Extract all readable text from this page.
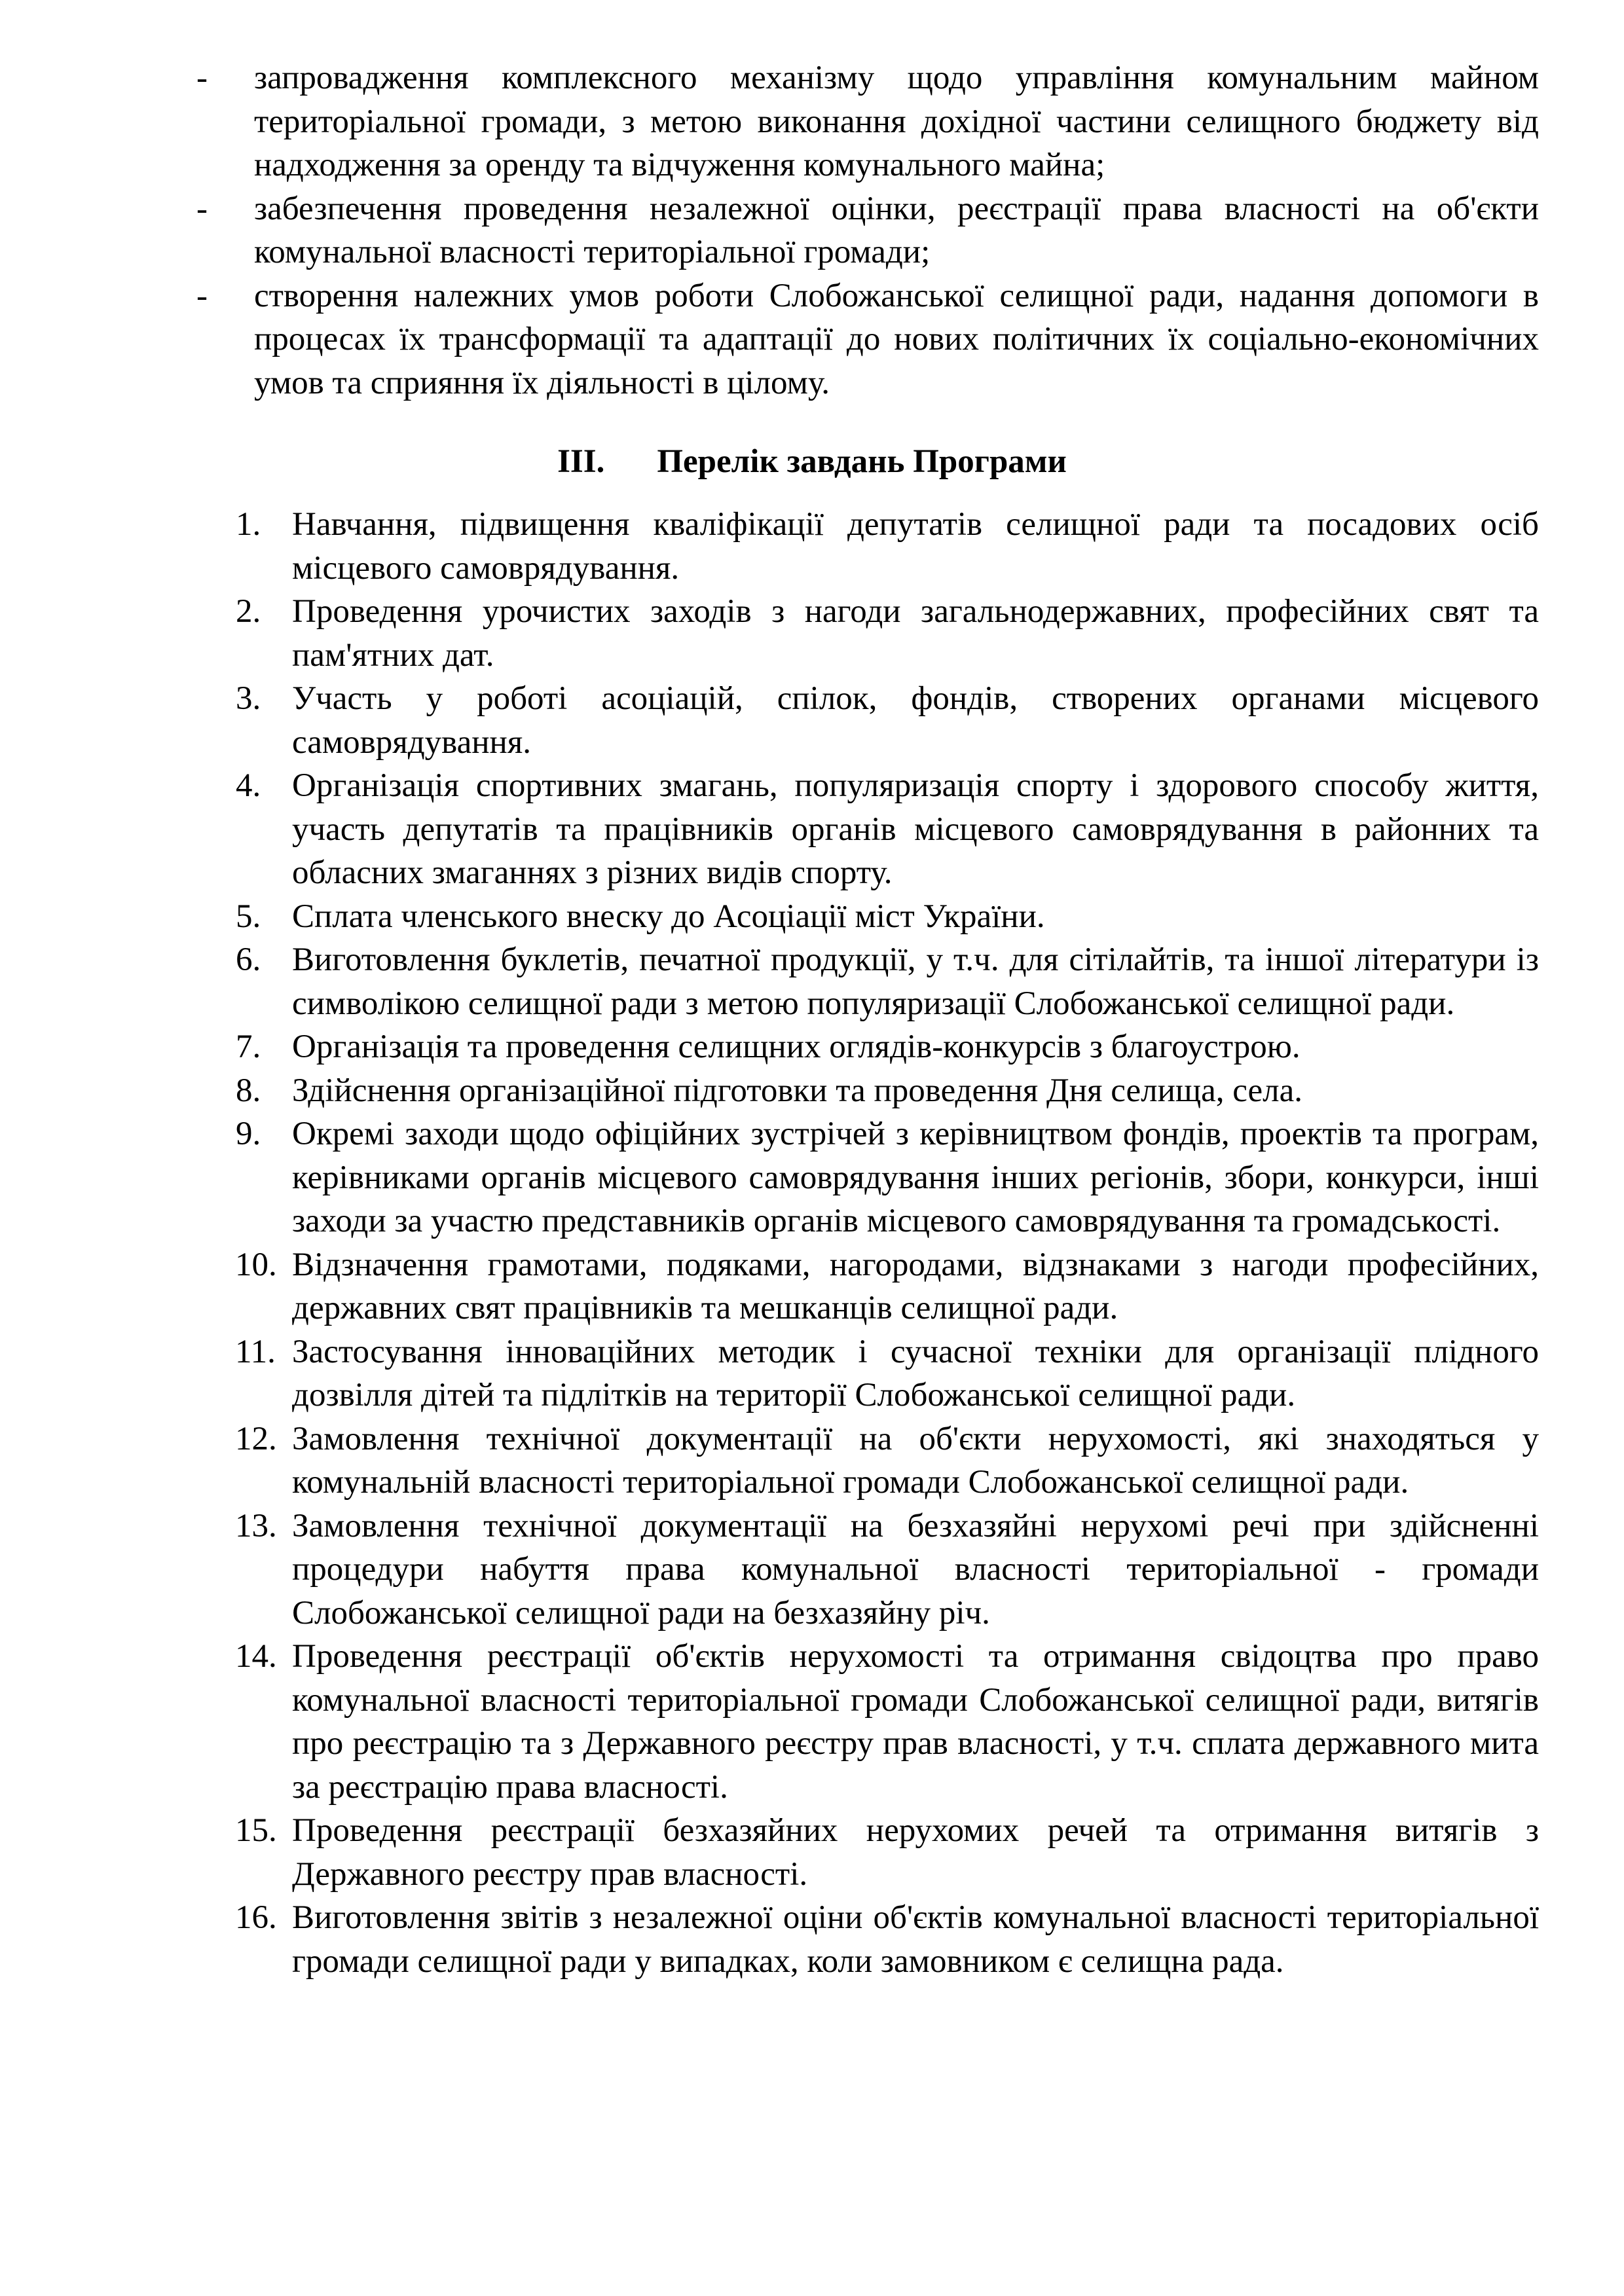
- запровадження комплексного механізму щодо управління комунальним майном територіальної громади, з метою виконання дохідної частини селищного бюджету від надходження за оренду та відчуження комунального майна;
- забезпечення проведення незалежної оцінки, реєстрації права власності на об'єкти комунальної власності територіальної громади;
- створення належних умов роботи Слобожанської селищної ради, надання допомоги в процесах їх трансформації та адаптації до нових політичних їх соціально-економічних умов та сприяння їх діяльності в цілому.
III. Перелік завдань Програми
1. Навчання, підвищення кваліфікації депутатів селищної ради та посадових осіб місцевого самоврядування.
2. Проведення урочистих заходів з нагоди загальнодержавних, професійних свят та пам'ятних дат.
3. Участь у роботі асоціацій, спілок, фондів, створених органами місцевого самоврядування.
4. Організація спортивних змагань, популяризація спорту і здорового способу життя, участь депутатів та працівників органів місцевого самоврядування в районних та обласних змаганнях з різних видів спорту.
5. Сплата членського внеску до Асоціації міст України.
6. Виготовлення буклетів, печатної продукції, у т.ч. для сітілайтів, та іншої літератури із символікою селищної ради з метою популяризації Слобожанської селищної ради.
7. Організація та проведення селищних оглядів-конкурсів з благоустрою.
8. Здійснення організаційної підготовки та проведення Дня селища, села.
9. Окремі заходи щодо офіційних зустрічей з керівництвом фондів, проектів та програм, керівниками органів місцевого самоврядування інших регіонів, збори, конкурси, інші заходи за участю представників органів місцевого самоврядування та громадськості.
10. Відзначення грамотами, подяками, нагородами, відзнаками з нагоди професійних, державних свят працівників та мешканців селищної ради.
11. Застосування інноваційних методик і сучасної техніки для організації плідного дозвілля дітей та підлітків на території Слобожанської селищної ради.
12. Замовлення технічної документації на об'єкти нерухомості, які знаходяться у комунальній власності територіальної громади Слобожанської селищної ради.
13. Замовлення технічної документації на безхазяйні нерухомі речі при здійсненні процедури набуття права комунальної власності територіальної - громади Слобожанської селищної ради на безхазяйну річ.
14. Проведення реєстрації об'єктів нерухомості та отримання свідоцтва про право комунальної власності територіальної громади Слобожанської селищної ради, витягів про реєстрацію та з Державного реєстру прав власності, у т.ч. сплата державного мита за реєстрацію права власності.
15. Проведення реєстрації безхазяйних нерухомих речей та отримання витягів з Державного реєстру прав власності.
16. Виготовлення звітів з незалежної оціни об'єктів комунальної власності територіальної громади селищної ради у випадках, коли замовником є селищна рада.
